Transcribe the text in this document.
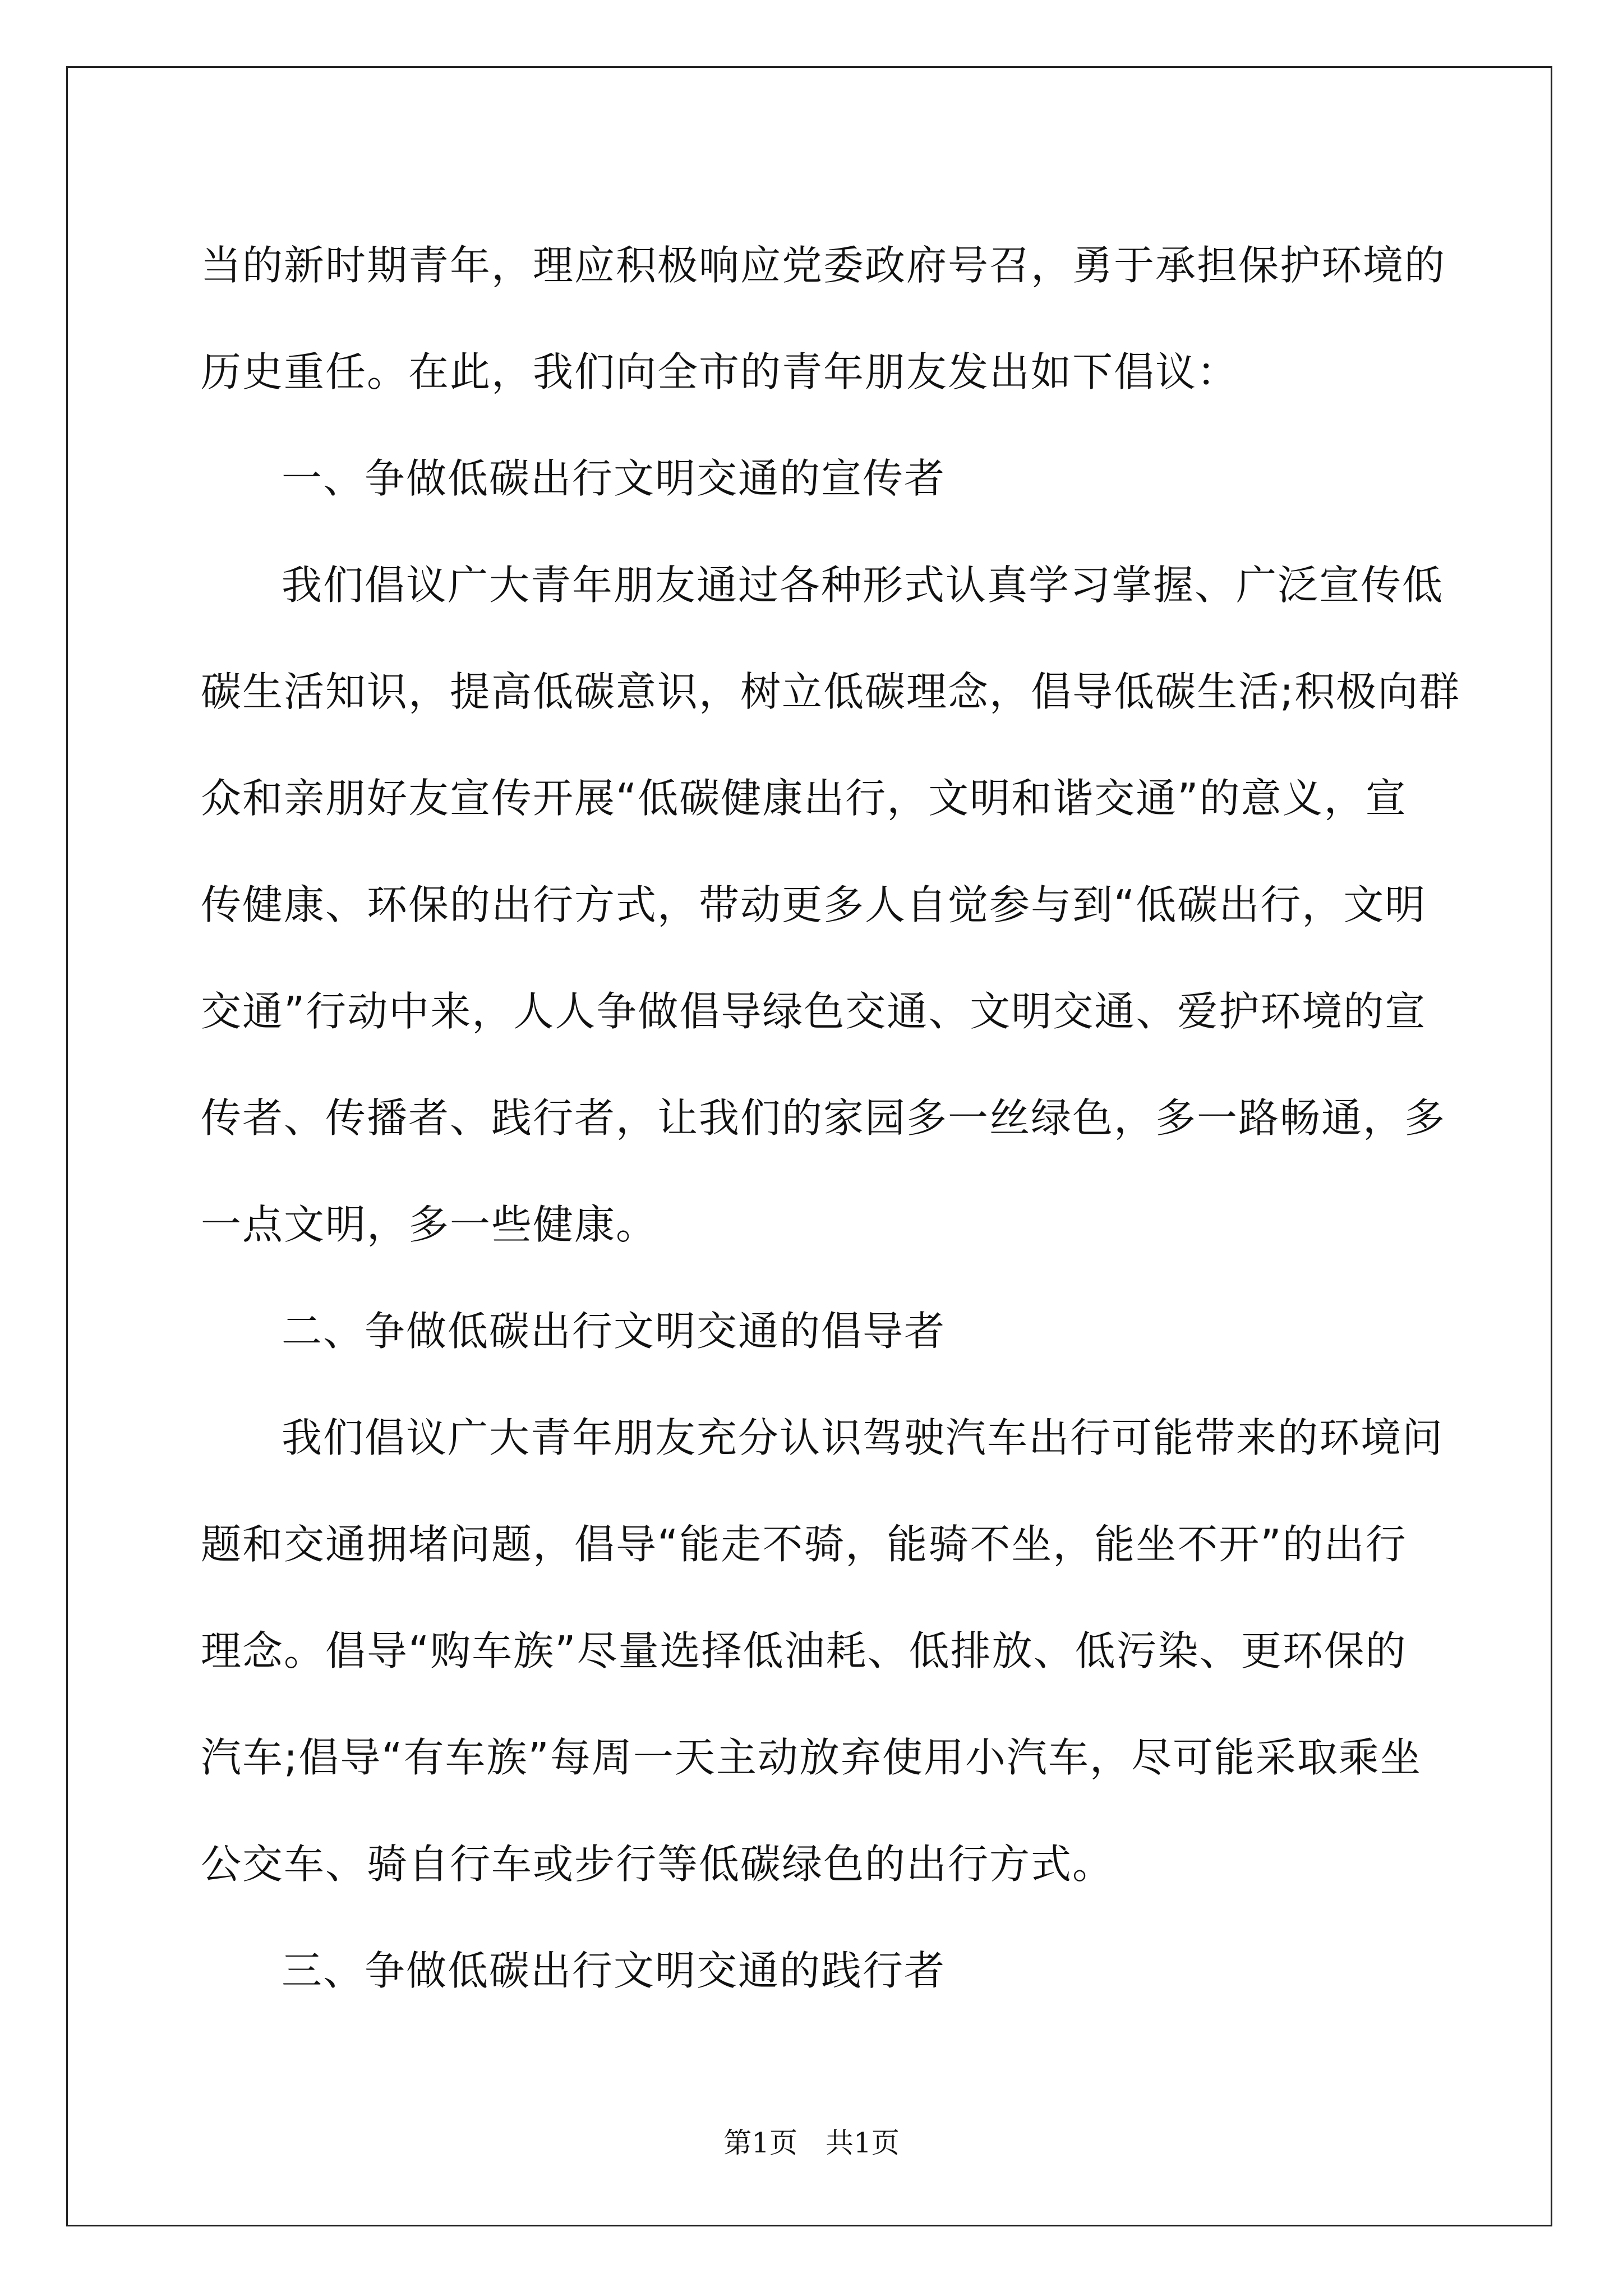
当的新时期青年，理应积极响应党委政府号召，勇于承担保护环境的

历史重任。在此，我们向全市的青年朋友发出如下倡议：

一、争做低碳出行文明交通的宣传者

我们倡议广大青年朋友通过各种形式认真学习掌握、广泛宣传低

碳生活知识，提高低碳意识，树立低碳理念，倡导低碳生活;积极向群

众和亲朋好友宣传开展“低碳健康出行，文明和谐交通”的意义，宣

传健康、环保的出行方式，带动更多人自觉参与到“低碳出行，文明

交通”行动中来，人人争做倡导绿色交通、文明交通、爱护环境的宣

传者、传播者、践行者，让我们的家园多一丝绿色，多一路畅通，多

一点文明，多一些健康。

二、争做低碳出行文明交通的倡导者

我们倡议广大青年朋友充分认识驾驶汽车出行可能带来的环境问

题和交通拥堵问题，倡导“能走不骑，能骑不坐，能坐不开”的出行

理念。倡导“购车族”尽量选择低油耗、低排放、低污染、更环保的

汽车;倡导“有车族”每周一天主动放弃使用小汽车，尽可能采取乘坐

公交车、骑自行车或步行等低碳绿色的出行方式。

三、争做低碳出行文明交通的践行者

第1页　共1页
